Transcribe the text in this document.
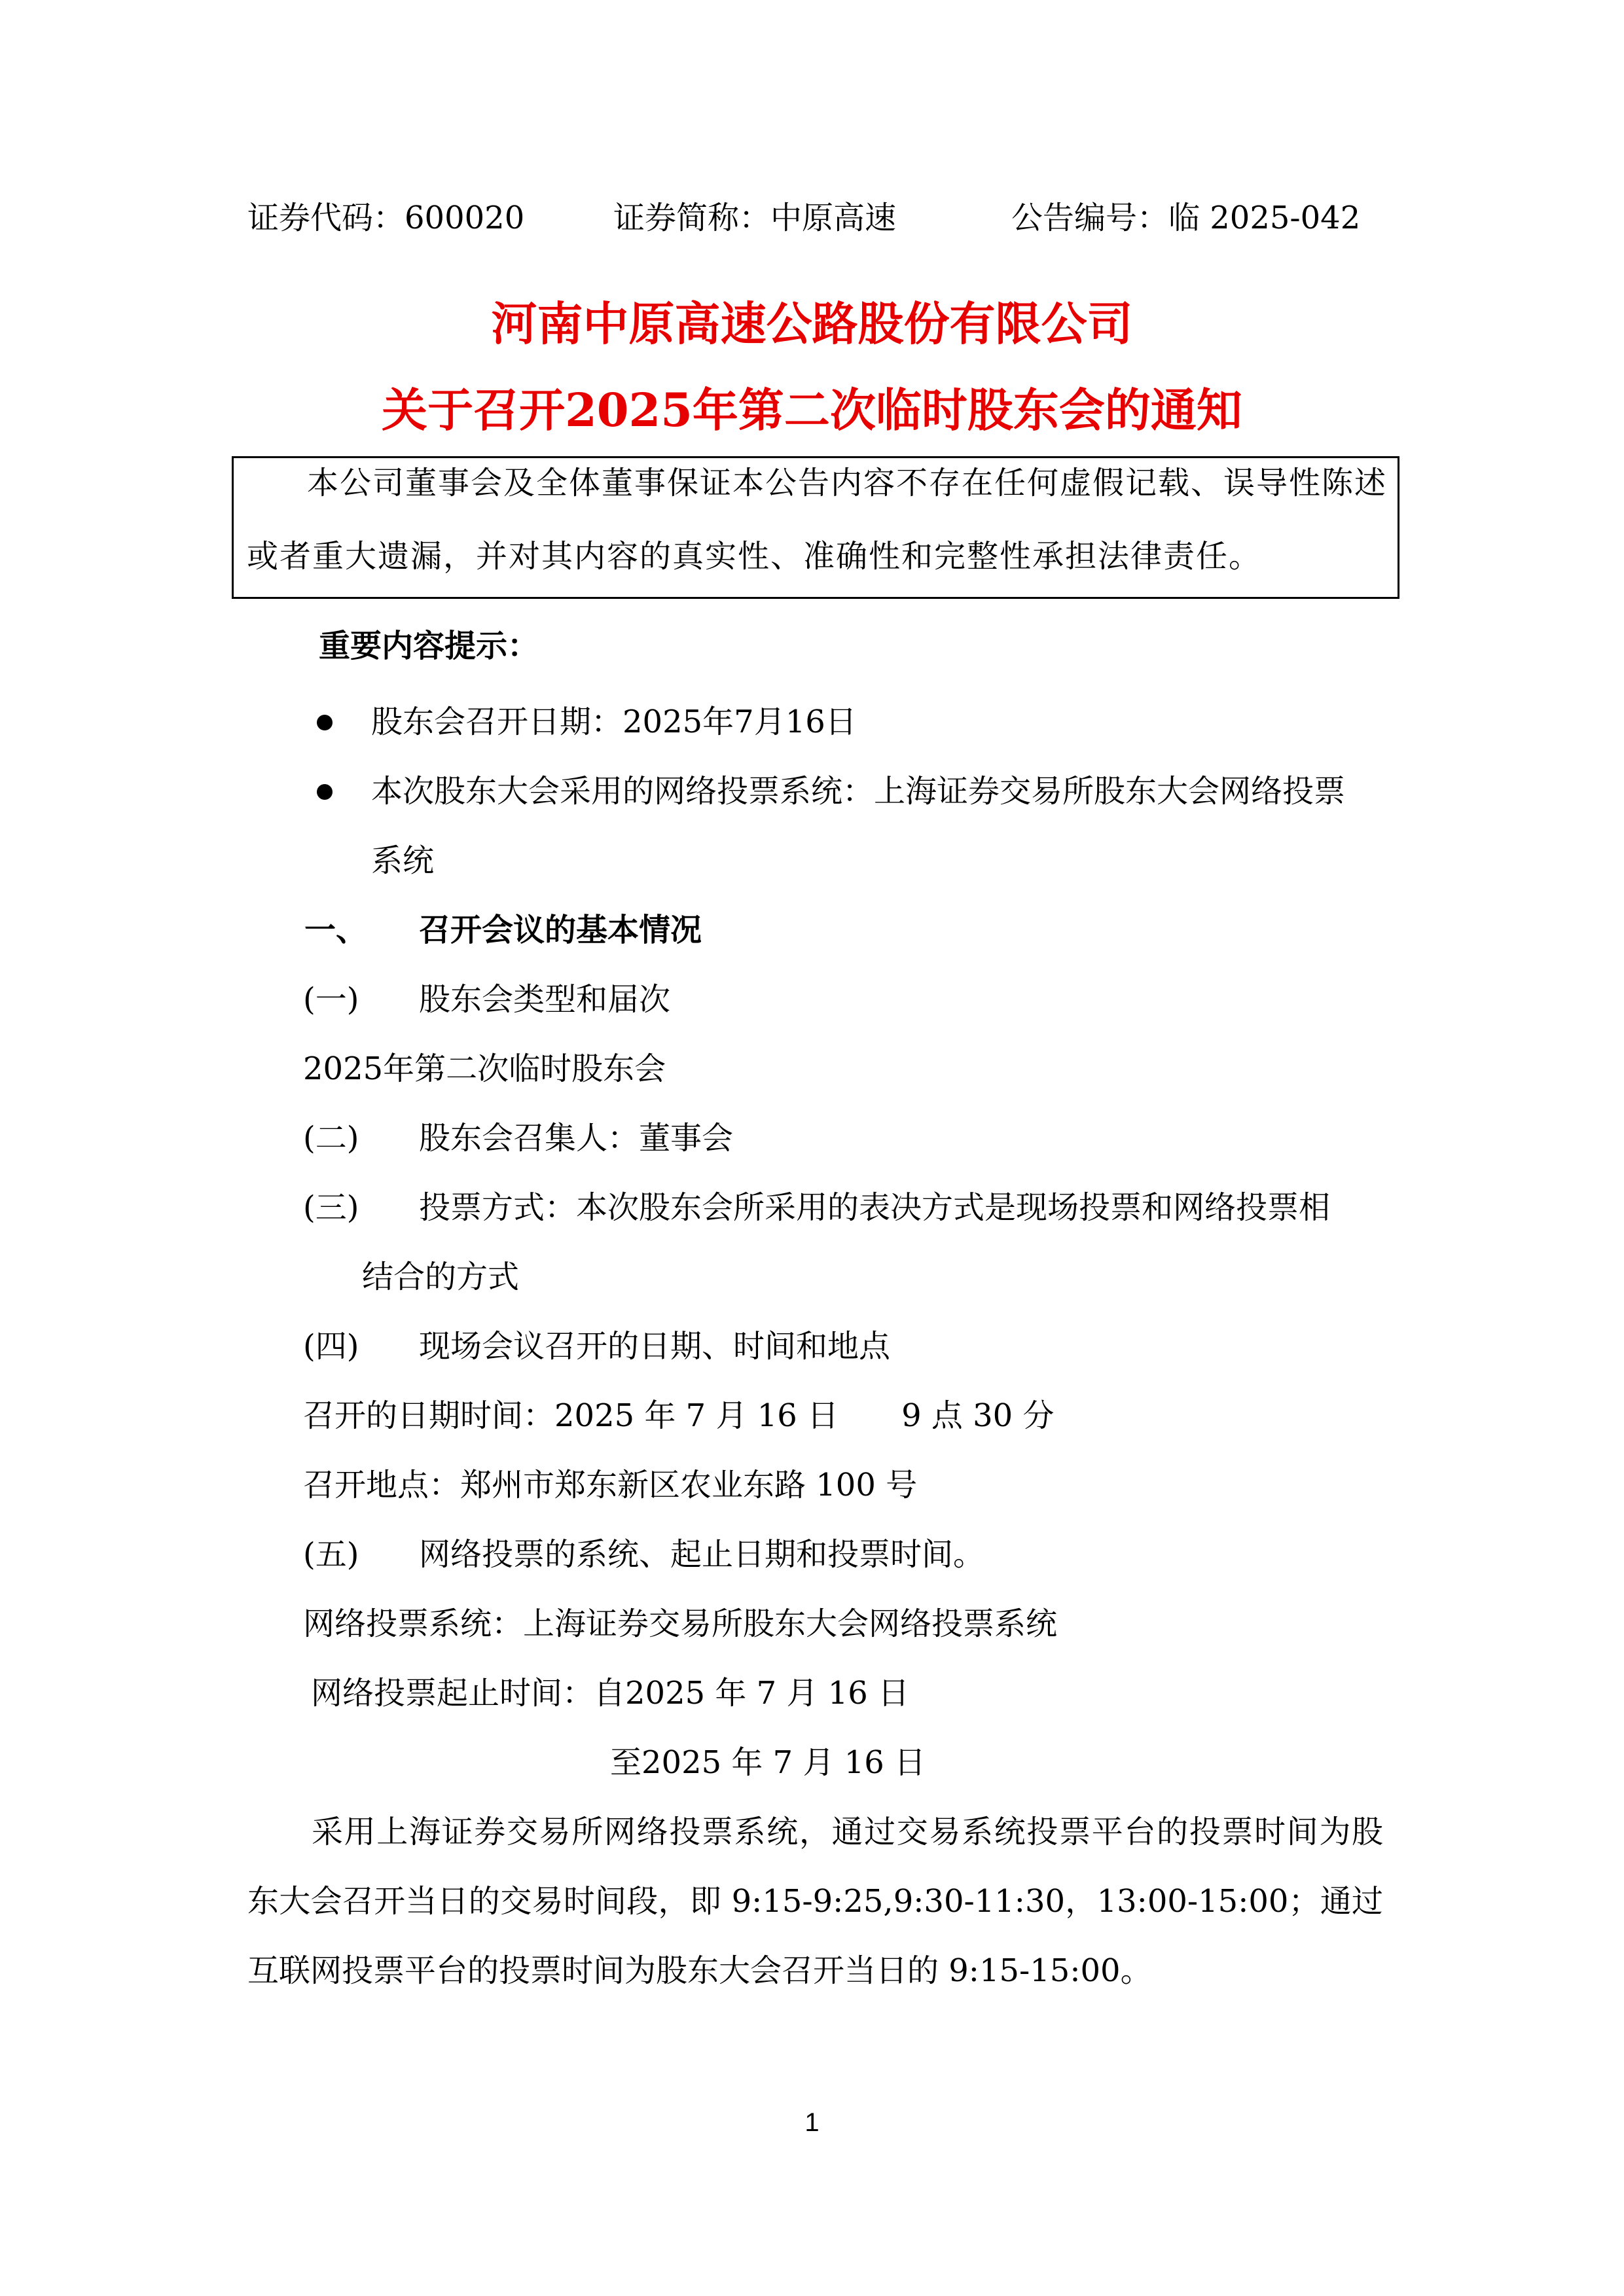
证券代码：600020	证券简称：中原高速	公告编号：临 2025-042
河南中原高速公路股份有限公司
关于召开2025年第二次临时股东会的通知
本公司董事会及全体董事保证本公告内容不存在任何虚假记载、误导性陈述
或者重大遗漏，并对其内容的真实性、准确性和完整性承担法律责任。
重要内容提示：
股东会召开日期：2025年7月16日
本次股东大会采用的网络投票系统：上海证券交易所股东大会网络投票
系统
一、 召开会议的基本情况
(一) 股东会类型和届次
2025年第二次临时股东会
(二) 股东会召集人：董事会
(三) 投票方式：本次股东会所采用的表决方式是现场投票和网络投票相
结合的方式
(四) 现场会议召开的日期、时间和地点
召开的日期时间：2025 年 7 月 16 日　　9 点 30 分
召开地点：郑州市郑东新区农业东路 100 号
(五) 网络投票的系统、起止日期和投票时间。
网络投票系统：上海证券交易所股东大会网络投票系统
网络投票起止时间：自2025 年 7 月 16 日
至2025 年 7 月 16 日
采用上海证券交易所网络投票系统，通过交易系统投票平台的投票时间为股
东大会召开当日的交易时间段，即 9:15-9:25,9:30-11:30，13:00-15:00；通过
互联网投票平台的投票时间为股东大会召开当日的 9:15-15:00。
1
